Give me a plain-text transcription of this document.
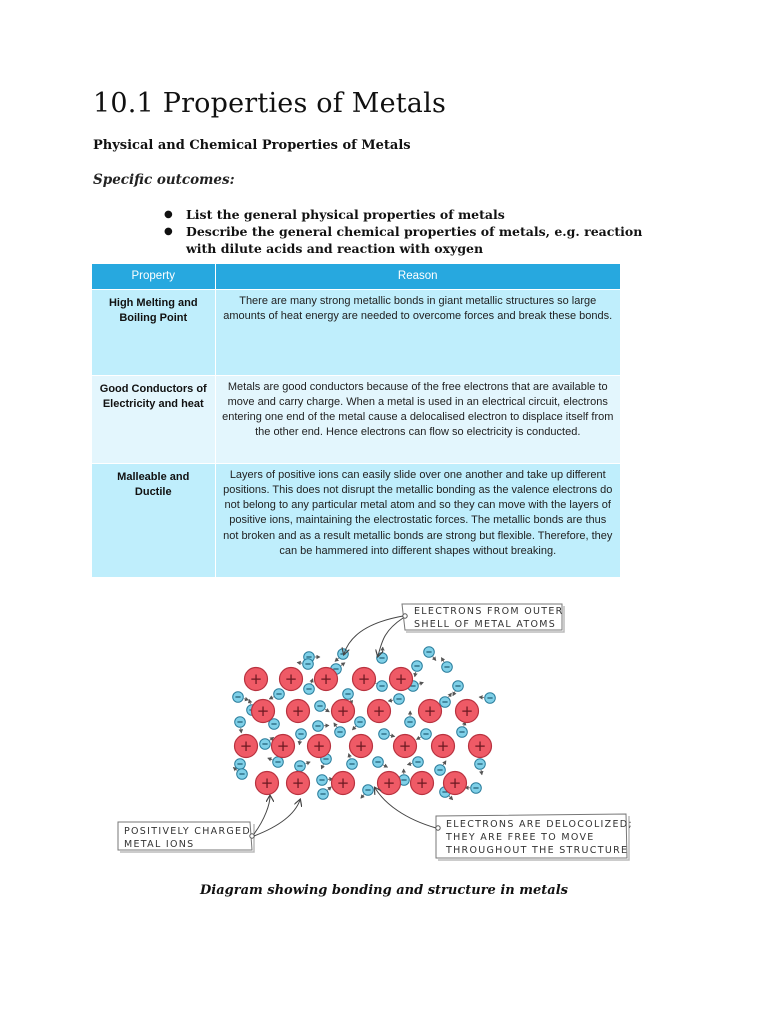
10.1 Properties of Metals
Physical and Chemical Properties of Metals
Specific outcomes:
● List the general physical properties of metals
● Describe the general chemical properties of metals, e.g. reaction with dilute acids and reaction with oxygen
Property	Reason
High Melting and Boiling Point	There are many strong metallic bonds in giant metallic structures so large amounts of heat energy are needed to overcome forces and break these bonds.
Good Conductors of Electricity and heat	Metals are good conductors because of the free electrons that are available to move and carry charge. When a metal is used in an electrical circuit, electrons entering one end of the metal cause a delocalised electron to displace itself from the other end. Hence electrons can flow so electricity is conducted.
Malleable and Ductile	Layers of positive ions can easily slide over one another and take up different positions. This does not disrupt the metallic bonding as the valence electrons do not belong to any particular metal atom and so they can move with the layers of positive ions, maintaining the electrostatic forces. The metallic bonds are thus not broken and as a result metallic bonds are strong but flexible. Therefore, they can be hammered into different shapes without breaking.
+ + + + +
+ + + +	+ +
+ + + + + + +
+ + + + + +
ELECTRONS FROM OUTER
SHELL OF METAL ATOMS
POSITIVELY CHARGED
METAL IONS
ELECTRONS ARE DELOCOLIZED;
THEY ARE FREE TO MOVE
THROUGHOUT THE STRUCTURE
Diagram showing bonding and structure in metals
